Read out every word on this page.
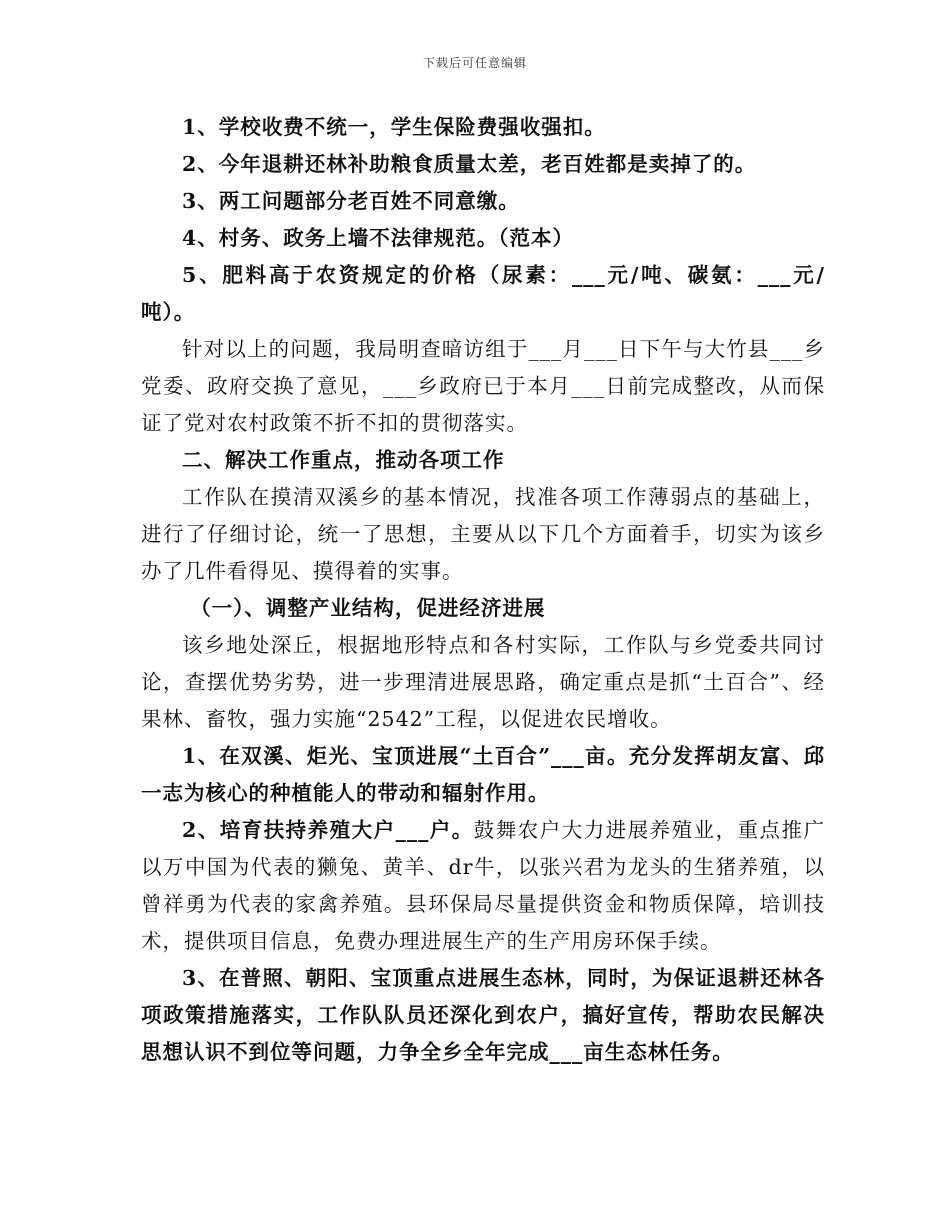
下载后可任意编辑

1、学校收费不统一，学生保险费强收强扣。

2、今年退耕还林补助粮食质量太差，老百姓都是卖掉了的。

3、两工问题部分老百姓不同意缴。

4、村务、政务上墙不法律规范。（范本）

5、肥料高于农资规定的价格（尿素：___元/吨、碳氨：___元/吨）。

针对以上的问题，我局明查暗访组于___月___日下午与大竹县___乡党委、政府交换了意见，___乡政府已于本月___日前完成整改，从而保证了党对农村政策不折不扣的贯彻落实。

二、解决工作重点，推动各项工作

工作队在摸清双溪乡的基本情况，找准各项工作薄弱点的基础上，进行了仔细讨论，统一了思想，主要从以下几个方面着手，切实为该乡办了几件看得见、摸得着的实事。

（一）、调整产业结构，促进经济进展

该乡地处深丘，根据地形特点和各村实际，工作队与乡党委共同讨论，查摆优势劣势，进一步理清进展思路，确定重点是抓“土百合”、经果林、畜牧，强力实施“2542”工程，以促进农民增收。

1、在双溪、炬光、宝顶进展“土百合”___亩。充分发挥胡友富、邱一志为核心的种植能人的带动和辐射作用。

2、培育扶持养殖大户___户。鼓舞农户大力进展养殖业，重点推广以万中国为代表的獭兔、黄羊、dr牛，以张兴君为龙头的生猪养殖，以曾祥勇为代表的家禽养殖。县环保局尽量提供资金和物质保障，培训技术，提供项目信息，免费办理进展生产的生产用房环保手续。

3、在普照、朝阳、宝顶重点进展生态林，同时，为保证退耕还林各项政策措施落实，工作队队员还深化到农户，搞好宣传，帮助农民解决思想认识不到位等问题，力争全乡全年完成___亩生态林任务。
